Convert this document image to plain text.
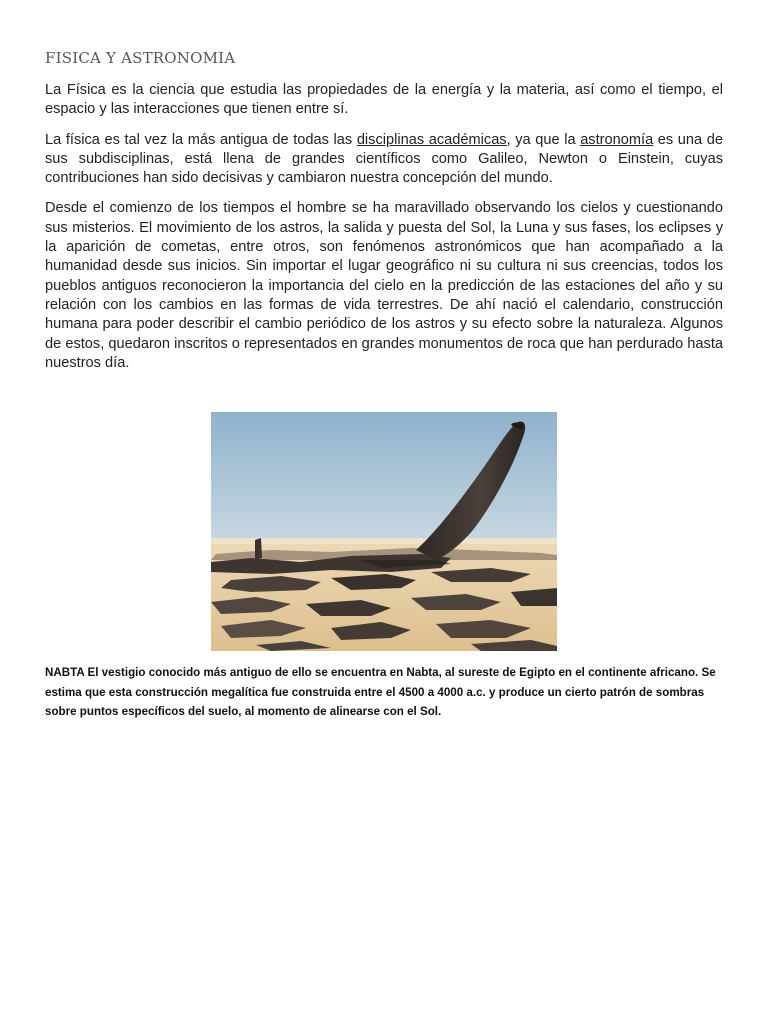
FISICA Y ASTRONOMIA

La Física es la ciencia que estudia las propiedades de la energía y la materia, así como el tiempo, el espacio y las interacciones que tienen entre sí.

La física es tal vez la más antigua de todas las disciplinas académicas, ya que la astronomía es una de sus subdisciplinas, está llena de grandes científicos como Galileo, Newton o Einstein, cuyas contribuciones han sido decisivas y cambiaron nuestra concepción del mundo.

Desde el comienzo de los tiempos el hombre se ha maravillado observando los cielos y cuestionando sus misterios. El movimiento de los astros, la salida y puesta del Sol, la Luna y sus fases, los eclipses y la aparición de cometas, entre otros, son fenómenos astronómicos que han acompañado a la humanidad desde sus inicios. Sin importar el lugar geográfico ni su cultura ni sus creencias, todos los pueblos antiguos reconocieron la importancia del cielo en la predicción de las estaciones del año y su relación con los cambios en las formas de vida terrestres. De ahí nació el calendario, construcción humana para poder describir el cambio periódico de los astros y su efecto sobre la naturaleza. Algunos de estos, quedaron inscritos o representados en grandes monumentos de roca que han perdurado hasta nuestros día.

NABTA El vestigio conocido más antiguo de ello se encuentra en Nabta, al sureste de Egipto en el continente africano. Se estima que esta construcción megalítica fue construida entre el 4500 a 4000 a.c. y produce un cierto patrón de sombras sobre puntos específicos del suelo, al momento de alinearse con el Sol.
